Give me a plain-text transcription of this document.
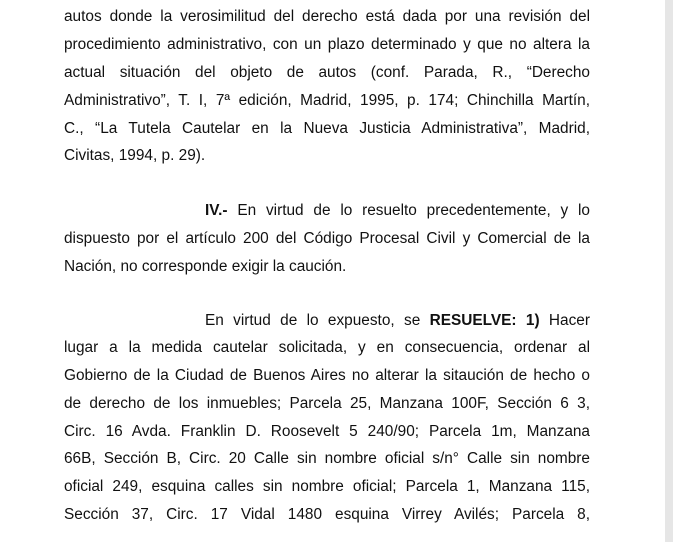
autos donde la verosimilitud del derecho está dada por una revisión del
procedimiento administrativo, con un plazo determinado y que no altera la
actual situación del objeto de autos (conf. Parada, R., “Derecho
Administrativo”, T. I, 7ª edición, Madrid, 1995, p. 174; Chinchilla Martín,
C., “La Tutela Cautelar en la Nueva Justicia Administrativa”, Madrid,
Civitas, 1994, p. 29).
IV.- En virtud de lo resuelto precedentemente, y lo
dispuesto por el artículo 200 del Código Procesal Civil y Comercial de la
Nación, no corresponde exigir la caución.
En virtud de lo expuesto, se RESUELVE: 1) Hacer
lugar a la medida cautelar solicitada, y en consecuencia, ordenar al
Gobierno de la Ciudad de Buenos Aires no alterar la sitaución de hecho o
de derecho de los inmuebles; Parcela 25, Manzana 100F, Sección 6 3,
Circ. 16 Avda. Franklin D. Roosevelt 5 240/90; Parcela 1m, Manzana
66B, Sección B, Circ. 20 Calle sin nombre oficial s/n° Calle sin nombre
oficial 249, esquina calles sin nombre oficial; Parcela 1, Manzana 115,
Sección 37, Circ. 17 Vidal 1480 esquina Virrey Avilés; Parcela 8,
